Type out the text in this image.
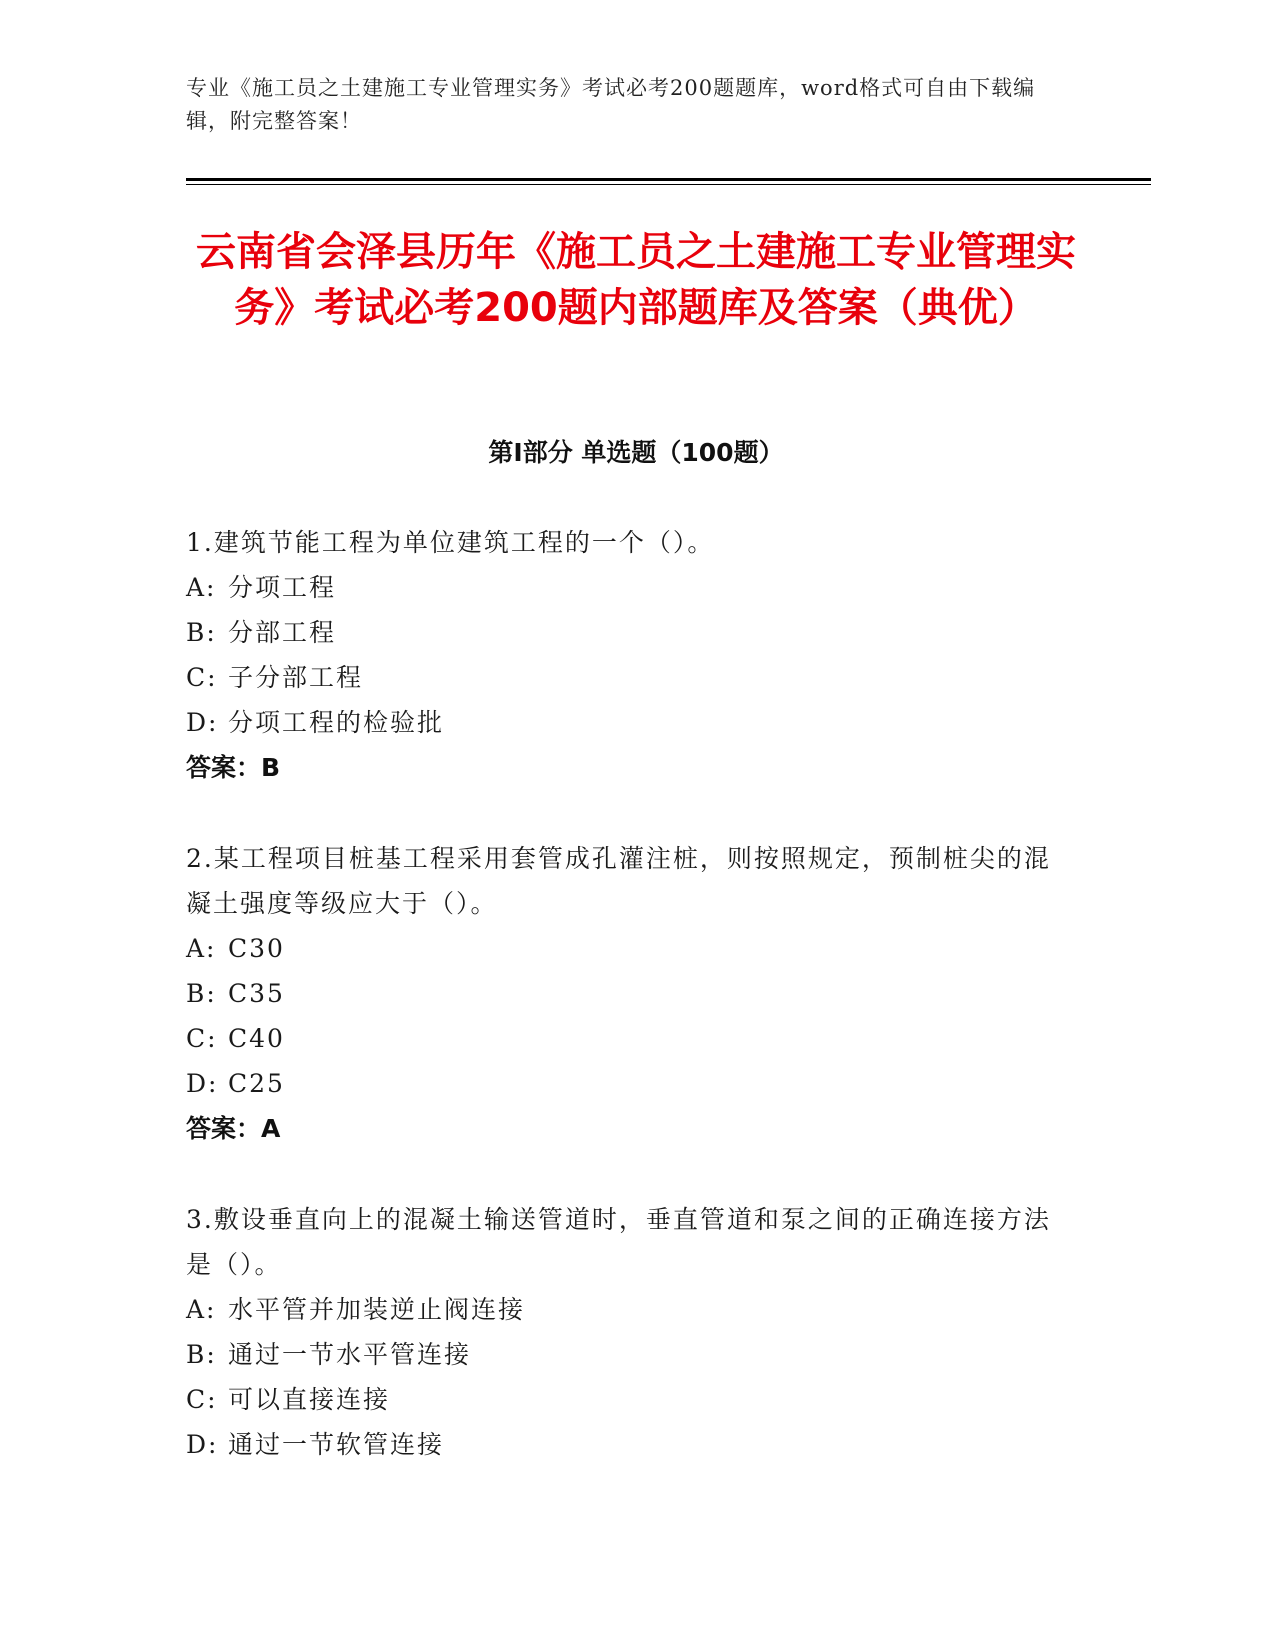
专业《施工员之土建施工专业管理实务》考试必考200题题库，word格式可自由下载编辑，附完整答案！
云南省会泽县历年《施工员之土建施工专业管理实务》考试必考200题内部题库及答案（典优）
第I部分 单选题（100题）
1.建筑节能工程为单位建筑工程的一个（）。
A: 分项工程
B: 分部工程
C: 子分部工程
D: 分项工程的检验批
答案：B
2.某工程项目桩基工程采用套管成孔灌注桩，则按照规定，预制桩尖的混凝土强度等级应大于（）。
A: C30
B: C35
C: C40
D: C25
答案：A
3.敷设垂直向上的混凝土输送管道时，垂直管道和泵之间的正确连接方法是（）。
A: 水平管并加装逆止阀连接
B: 通过一节水平管连接
C: 可以直接连接
D: 通过一节软管连接
